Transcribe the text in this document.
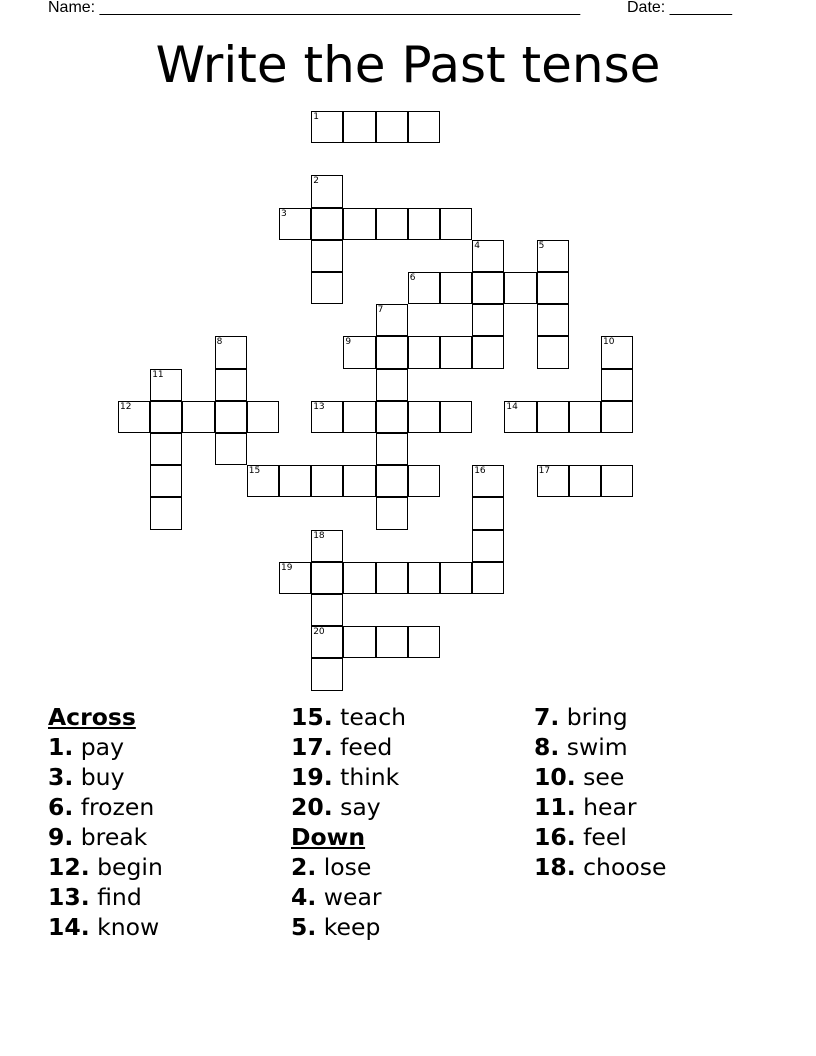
Name: ______________________________________________________	Date: _______
Write the Past tense
1
2
3
4	5
6
7
8	9	10
11
12	13	14
15	16	17
18
20
19
Across
1. pay
3. buy
6. frozen
9. break
12. begin
13. find
14. know
15. teach
17. feed
19. think
20. say
Down
2. lose
4. wear
5. keep
7. bring
8. swim
10. see
11. hear
16. feel
18. choose
